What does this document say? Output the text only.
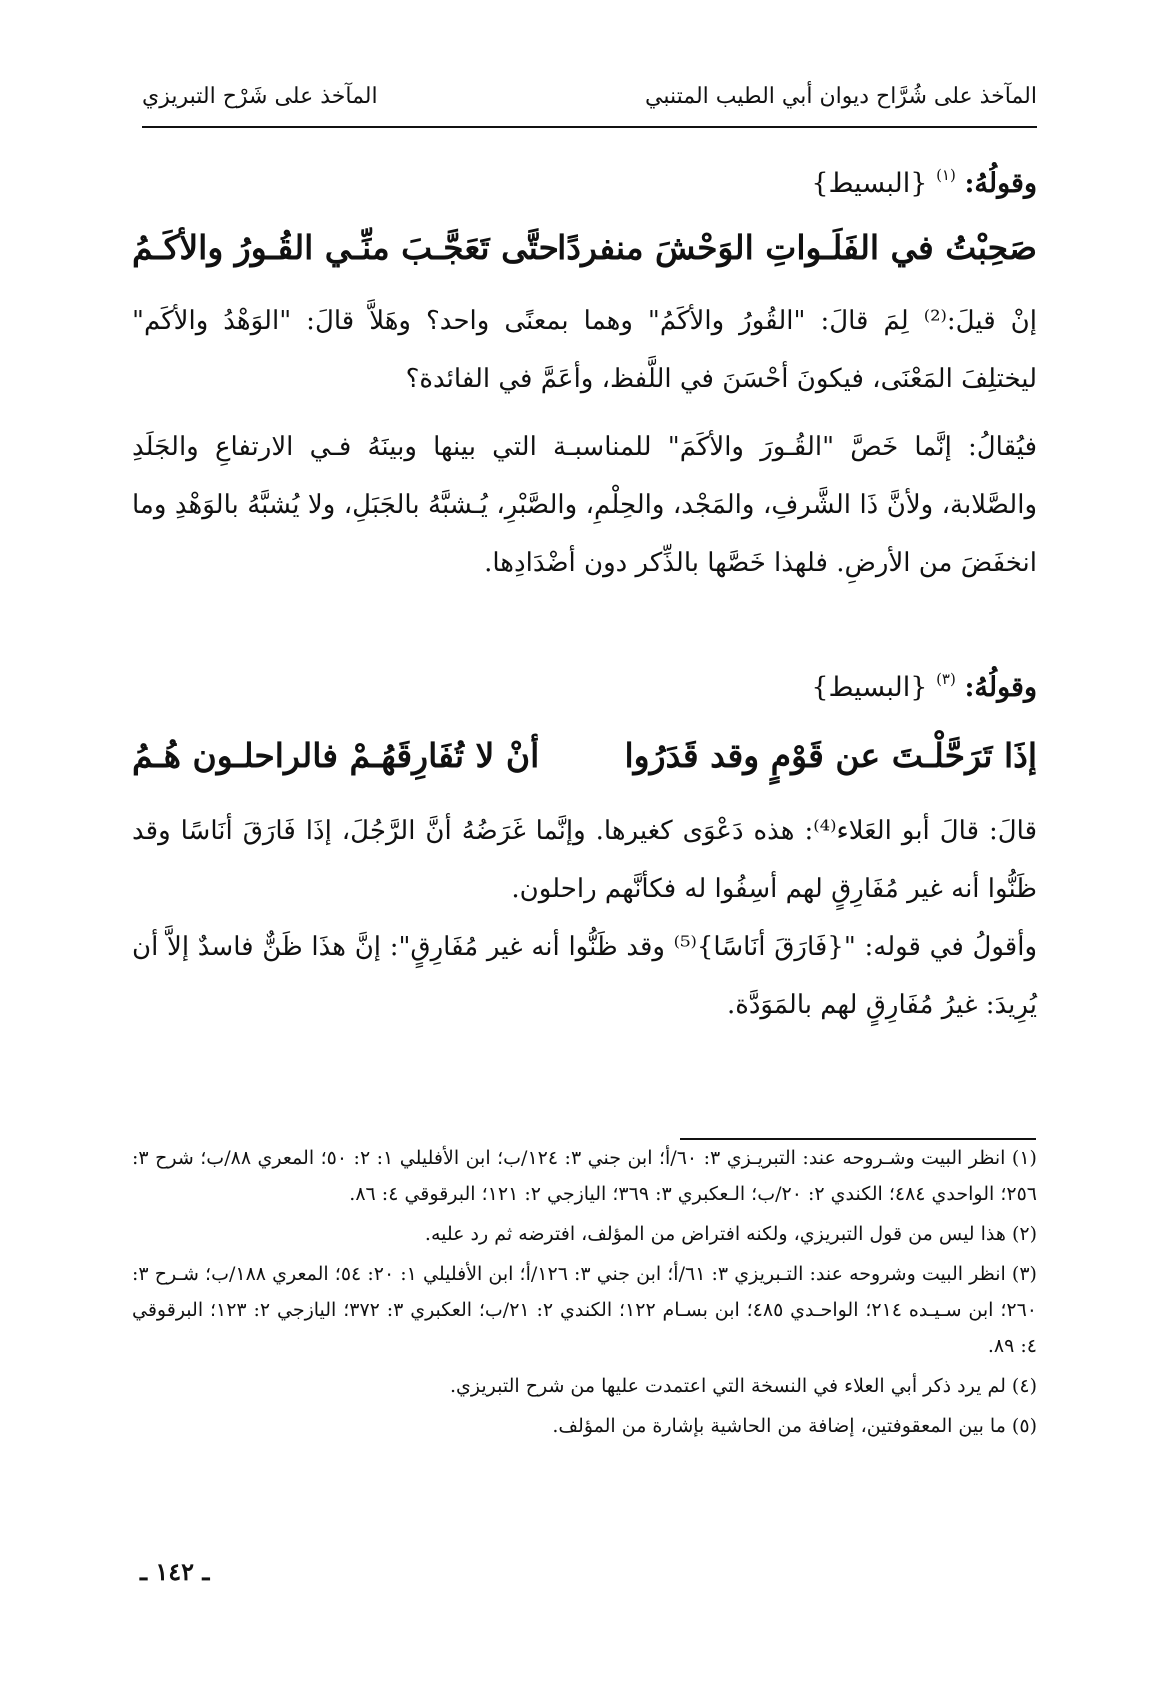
المآخذ على شُرَّاح ديوان أبي الطيب المتنبي
المآخذ على شَرْح التبريزي
وقولُهُ: $^{(١)}$ {البسيط}
صَحِبْتُ في الفَلَـواتِ الوَحْشَ منفردًا
حتَّى تَعَجَّـبَ منِّـي القُـورُ والأكَـمُ
إنْ قيلَ:⁽²⁾ لِمَ قالَ: "القُورُ والأكَمُ" وهما بمعنًى واحد؟ وهَلاَّ قالَ: "الوَهْدُ والأكَم" ليختلِفَ المَعْنَى، فيكونَ أحْسَنَ في اللَّفظ، وأعَمَّ في الفائدة؟
فيُقالُ: إنَّما خَصَّ "القُـورَ والأكَمَ" للمناسبـة التي بينها وبينَهُ فـي الارتفاعِ والجَلَدِ والصَّلابة، ولأنَّ ذَا الشَّرفِ، والمَجْد، والحِلْمِ، والصَّبْرِ، يُـشبَّهُ بالجَبَلِ، ولا يُشبَّهُ بالوَهْدِ وما انخفَضَ من الأرضِ. فلهذا خَصَّها بالذِّكر دون أضْدَادِها.
وقولُهُ: $^{(٣)}$ {البسيط}
إذَا تَرَحَّلْـتَ عن قَوْمٍ وقد قَدَرُوا
أنْ لا تُفَارِقَهُـمْ فالراحلـون هُـمُ
قالَ: قالَ أبو العَلاء⁽⁴⁾: هذه دَعْوَى كغيرها. وإنَّما غَرَضُهُ أنَّ الرَّجُلَ، إذَا فَارَقَ أنَاسًا وقد ظَنُّوا أنه غير مُفَارِقٍ لهم أسِفُوا له فكأنَّهم راحلون.
وأقولُ في قوله: "{فَارَقَ أنَاسًا}⁽⁵⁾ وقد ظَنُّوا أنه غير مُفَارِقٍ": إنَّ هذَا ظَنٌّ فاسدٌ إلاَّ أن يُرِيدَ: غيرُ مُفَارِقٍ لهم بالمَوَدَّة.

(١) انظر البيت وشـروحه عند: التبريـزي ٣: ٦٠/أ؛ ابن جني ٣: ١٢٤/ب؛ ابن الأفليلي ١: ٢: ٥٠؛ المعري ٨٨/ب؛ شرح ٣: ٢٥٦؛ الواحدي ٤٨٤؛ الكندي ٢: ٢٠/ب؛ الـعكبري ٣: ٣٦٩؛ اليازجي ٢: ١٢١؛ البرقوقي ٤: ٨٦.

(٢) هذا ليس من قول التبريزي، ولكنه افتراض من المؤلف، افترضه ثم رد عليه.

(٣) انظر البيت وشروحه عند: التـبريزي ٣: ٦١/أ؛ ابن جني ٣: ١٢٦/أ؛ ابن الأفليلي ١: ٢٠: ٥٤؛ المعري ١٨٨/ب؛ شـرح ٣: ٢٦٠؛ ابن سـيـده ٢١٤؛ الواحـدي ٤٨٥؛ ابن بسـام ١٢٢؛ الكندي ٢: ٢١/ب؛ العكبري ٣: ٣٧٢؛ اليازجي ٢: ١٢٣؛ البرقوقي ٤: ٨٩.

(٤) لم يرد ذكر أبي العلاء في النسخة التي اعتمدت عليها من شرح التبريزي.

(٥) ما بين المعقوفتين، إضافة من الحاشية بإشارة من المؤلف.

ـ ١٤٢ ـ
